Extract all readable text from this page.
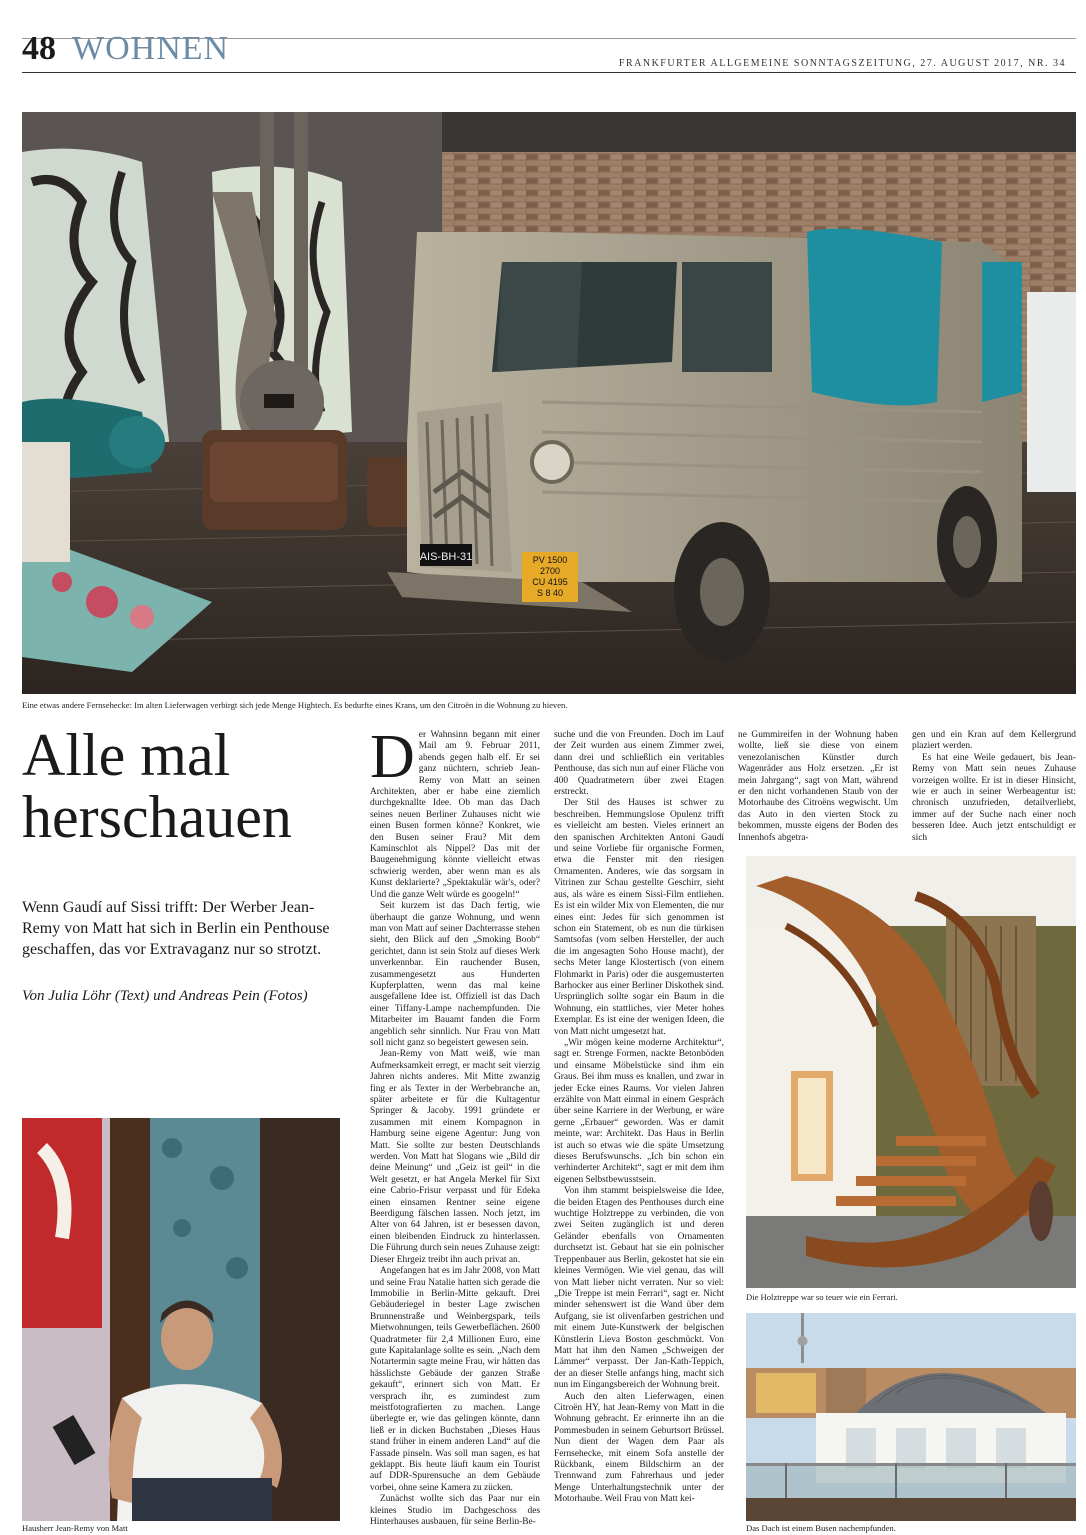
48 WOHNEN	FRANKFURTER ALLGEMEINE SONNTAGSZEITUNG, 27. AUGUST 2017, NR. 34
AIS-BH-31	PV 1500
2700
CU 4195
S 8 40
Eine etwas andere Fernsehecke: Im alten Lieferwagen verbirgt sich jede Menge Hightech. Es bedurfte eines Krans, um den Citroën in die Wohnung zu hieven.
Alle mal herschauen
Wenn Gaudí auf Sissi trifft: Der Werber Jean-Remy von Matt hat sich in Berlin ein Penthouse geschaffen, das vor Extravaganz nur so strotzt.
Von Julia Löhr (Text) und Andreas Pein (Fotos)
Hausherr Jean-Remy von Matt
D er Wahnsinn begann mit einer Mail am 9. Februar 2011, abends gegen halb elf. Er sei ganz nüchtern, schrieb Jean-Remy von Matt an seinen Architekten, aber er habe eine ziemlich durchgeknallte Idee. Ob man das Dach seines neuen Berliner Zuhauses nicht wie einen Busen formen könne? Konkret, wie den Busen seiner Frau? Mit dem Kaminschlot als Nippel? Das mit der Baugenehmigung könnte vielleicht etwas schwierig werden, aber wenn man es als Kunst deklarierte? „Spektakulär wär's, oder? Und die ganze Welt würde es googeln!“

Seit kurzem ist das Dach fertig, wie überhaupt die ganze Wohnung, und wenn man von Matt auf seiner Dachterrasse stehen sieht, den Blick auf den „Smoking Boob“ gerichtet, dann ist sein Stolz auf dieses Werk unverkennbar. Ein rauchender Busen, zusammengesetzt aus Hunderten Kupferplatten, wenn das mal keine ausgefallene Idee ist. Offiziell ist das Dach einer Tiffany-Lampe nachempfunden. Die Mitarbeiter im Bauamt fanden die Form angeblich sehr sinnlich. Nur Frau von Matt soll nicht ganz so begeistert gewesen sein.

Jean-Remy von Matt weiß, wie man Aufmerksamkeit erregt, er macht seit vierzig Jahren nichts anderes. Mit Mitte zwanzig fing er als Texter in der Werbebranche an, später arbeitete er für die Kultagentur Springer & Jacoby. 1991 gründete er zusammen mit einem Kompagnon in Hamburg seine eigene Agentur: Jung von Matt. Sie sollte zur besten Deutschlands werden. Von Matt hat Slogans wie „Bild dir deine Meinung“ und „Geiz ist geil“ in die Welt gesetzt, er hat Angela Merkel für Sixt eine Cabrio-Frisur verpasst und für Edeka einen einsamen Rentner seine eigene Beerdigung fälschen lassen. Noch jetzt, im Alter von 64 Jahren, ist er besessen davon, einen bleibenden Eindruck zu hinterlassen. Die Führung durch sein neues Zuhause zeigt: Dieser Ehrgeiz treibt ihn auch privat an.

Angefangen hat es im Jahr 2008, von Matt und seine Frau Natalie hatten sich gerade die Immobilie in Berlin-Mitte gekauft. Drei Gebäuderiegel in bester Lage zwischen Brunnenstraße und Weinbergspark, teils Mietwohnungen, teils Gewerbeflächen. 2600 Quadratmeter für 2,4 Millionen Euro, eine gute Kapitalanlage sollte es sein. „Nach dem Notartermin sagte meine Frau, wir hätten das hässlichste Gebäude der ganzen Straße gekauft“, erinnert sich von Matt. Er versprach ihr, es zumindest zum meistfotografierten zu machen. Lange überlegte er, wie das gelingen könnte, dann ließ er in dicken Buchstaben „Dieses Haus stand früher in einem anderen Land“ auf die Fassade pinseln. Was soll man sagen, es hat geklappt. Bis heute läuft kaum ein Tourist auf DDR-Spurensuche an dem Gebäude vorbei, ohne seine Kamera zu zücken.

Zunächst wollte sich das Paar nur ein kleines Studio im Dachgeschoss des Hinterhauses ausbauen, für seine Berlin-Be-

suche und die von Freunden. Doch im Lauf der Zeit wurden aus einem Zimmer zwei, dann drei und schließlich ein veritables Penthouse, das sich nun auf einer Fläche von 400 Quadratmetern über zwei Etagen erstreckt.

Der Stil des Hauses ist schwer zu beschreiben. Hemmungslose Opulenz trifft es vielleicht am besten. Vieles erinnert an den spanischen Architekten Antoni Gaudí und seine Vorliebe für organische Formen, etwa die Fenster mit den riesigen Ornamenten. Anderes, wie das sorgsam in Vitrinen zur Schau gestellte Geschirr, sieht aus, als wäre es einem Sissi-Film entliehen. Es ist ein wilder Mix von Elementen, die nur eines eint: Jedes für sich genommen ist schon ein Statement, ob es nun die türkisen Samtsofas (vom selben Hersteller, der auch die im angesagten Soho House macht), der sechs Meter lange Klostertisch (von einem Flohmarkt in Paris) oder die ausgemusterten Barhocker aus einer Berliner Diskothek sind. Ursprünglich sollte sogar ein Baum in die Wohnung, ein stattliches, vier Meter hohes Exemplar. Es ist eine der wenigen Ideen, die von Matt nicht umgesetzt hat.

„Wir mögen keine moderne Architektur“, sagt er. Strenge Formen, nackte Betonböden und einsame Möbelstücke sind ihm ein Graus. Bei ihm muss es knallen, und zwar in jeder Ecke eines Raums. Vor vielen Jahren erzählte von Matt einmal in einem Gespräch über seine Karriere in der Werbung, er wäre gerne „Erbauer“ geworden. Was er damit meinte, war: Architekt. Das Haus in Berlin ist auch so etwas wie die späte Umsetzung dieses Berufswunschs. „Ich bin schon ein verhinderter Architekt“, sagt er mit dem ihm eigenen Selbstbewusstsein.

Von ihm stammt beispielsweise die Idee, die beiden Etagen des Penthouses durch eine wuchtige Holztreppe zu verbinden, die von zwei Seiten zugänglich ist und deren Geländer ebenfalls von Ornamenten durchsetzt ist. Gebaut hat sie ein polnischer Treppenbauer aus Berlin, gekostet hat sie ein kleines Vermögen. Wie viel genau, das will von Matt lieber nicht verraten. Nur so viel: „Die Treppe ist mein Ferrari“, sagt er. Nicht minder sehenswert ist die Wand über dem Aufgang, sie ist olivenfarben gestrichen und mit einem Jute-Kunstwerk der belgischen Künstlerin Lieva Boston geschmückt. Von Matt hat ihm den Namen „Schweigen der Lämmer“ verpasst. Der Jan-Kath-Teppich, der an dieser Stelle anfangs hing, macht sich nun im Eingangsbereich der Wohnung breit.

Auch den alten Lieferwagen, einen Citroën HY, hat Jean-Remy von Matt in die Wohnung gebracht. Er erinnerte ihn an die Pommesbuden in seinem Geburtsort Brüssel. Nun dient der Wagen dem Paar als Fernsehecke, mit einem Sofa anstelle der Rückbank, einem Bildschirm an der Trennwand zum Fahrerhaus und jeder Menge Unterhaltungstechnik unter der Motorhaube. Weil Frau von Matt kei-

ne Gummireifen in der Wohnung haben wollte, ließ sie diese von einem venezolanischen Künstler durch Wagenräder aus Holz ersetzen. „Er ist mein Jahrgang“, sagt von Matt, während er den nicht vorhandenen Staub von der Motorhaube des Citroëns wegwischt. Um das Auto in den vierten Stock zu bekommen, musste eigens der Boden des Innenhofs abgetra-

gen und ein Kran auf dem Kellergrund plaziert werden.

Es hat eine Weile gedauert, bis Jean-Remy von Matt sein neues Zuhause vorzeigen wollte. Er ist in dieser Hinsicht, wie er auch in seiner Werbeagentur ist: chronisch unzufrieden, detailverliebt, immer auf der Suche nach einer noch besseren Idee. Auch jetzt entschuldigt er sich

Die Holztreppe war so teuer wie ein Ferrari.
Das Dach ist einem Busen nachempfunden.
